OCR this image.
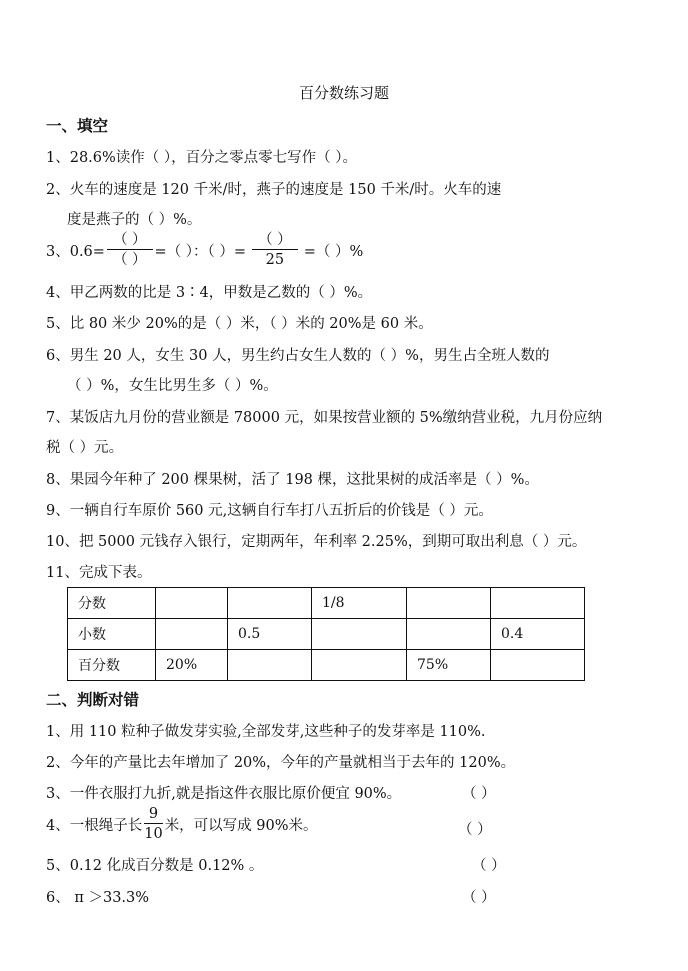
百分数练习题
一、填空
1、28.6%读作（ ），百分之零点零七写作（ ）。
2、火车的速度是 120 千米/时，燕子的速度是 150 千米/时。火车的速
度是燕子的（ ）%。
3、$0.6= \frac{( )}{( )}$ =（ ）：（ ）= $\frac{( )}{25}$ =（ ）%
4、甲乙两数的比是 3∶4，甲数是乙数的（ ）%。
5、比 80 米少 20%的是（ ）米，（ ）米的 20%是 60 米。
6、男生 20 人，女生 30 人，男生约占女生人数的（ ）%，男生占全班人数的
（ ）%，女生比男生多（ ）%。
7、某饭店九月份的营业额是 78000 元，如果按营业额的 5%缴纳营业税，九月份应纳
税（ ）元。
8、果园今年种了 200 棵果树，活了 198 棵，这批果树的成活率是（ ）%。
9、一辆自行车原价 560 元,这辆自行车打八五折后的价钱是（ ）元。
10、把 5000 元钱存入银行，定期两年，年利率 2.25%，到期可取出利息（ ）元。
11、完成下表。
分数			1/8		
小数		0.5			0.4
百分数	20%			75%	
二、判断对错
1、用 110 粒种子做发芽实验,全部发芽,这些种子的发芽率是 110%.
2、今年的产量比去年增加了 20%，今年的产量就相当于去年的 120%。
3、一件衣服打九折,就是指这件衣服比原价便宜 90%。	（ ）
4、一根绳子长 $\frac{9}{10}$ 米，可以写成 90%米。	（ ）
5、0.12 化成百分数是 0.12% 。	（ ）
6、 π ＞33.3%	（ ）
